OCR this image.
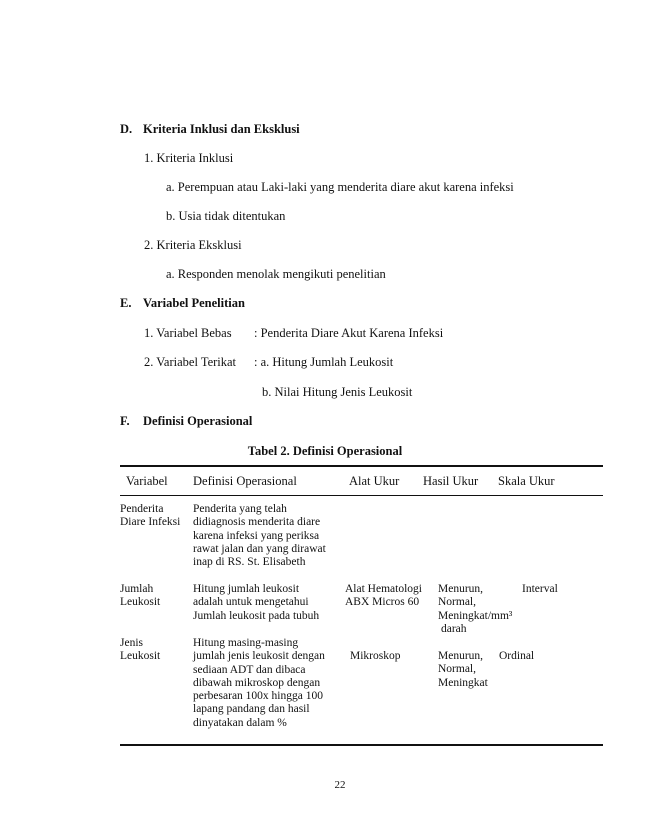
D. Kriteria Inklusi dan Eksklusi
1. Kriteria Inklusi
a. Perempuan atau Laki-laki yang menderita diare akut karena infeksi
b. Usia tidak ditentukan
2. Kriteria Eksklusi
a. Responden menolak mengikuti penelitian
E. Variabel Penelitian
1. Variabel Bebas : Penderita Diare Akut Karena Infeksi
2. Variabel Terikat : a. Hitung Jumlah Leukosit
b. Nilai Hitung Jenis Leukosit
F. Definisi Operasional
Tabel 2. Definisi Operasional
Variabel Definisi Operasional	Alat Ukur Hasil Ukur Skala Ukur
Penderita
Diare Infeksi
Penderita yang telah
didiagnosis menderita diare
karena infeksi yang periksa
rawat jalan dan yang dirawat
inap di RS. St. Elisabeth
Jumlah
Leukosit
Hitung jumlah leukosit
adalah untuk mengetahui
Jumlah leukosit pada tubuh
Alat Hematologi
ABX Micros 60
Menurun,
Normal,
Meningkat/mm³
darah
Interval
Jenis
Leukosit
Hitung masing-masing
jumlah jenis leukosit dengan
sediaan ADT dan dibaca
dibawah mikroskop dengan
perbesaran 100x hingga 100
lapang pandang dan hasil
dinyatakan dalam %
Mikroskop	Menurun,
Normal,
Meningkat
Ordinal
22
